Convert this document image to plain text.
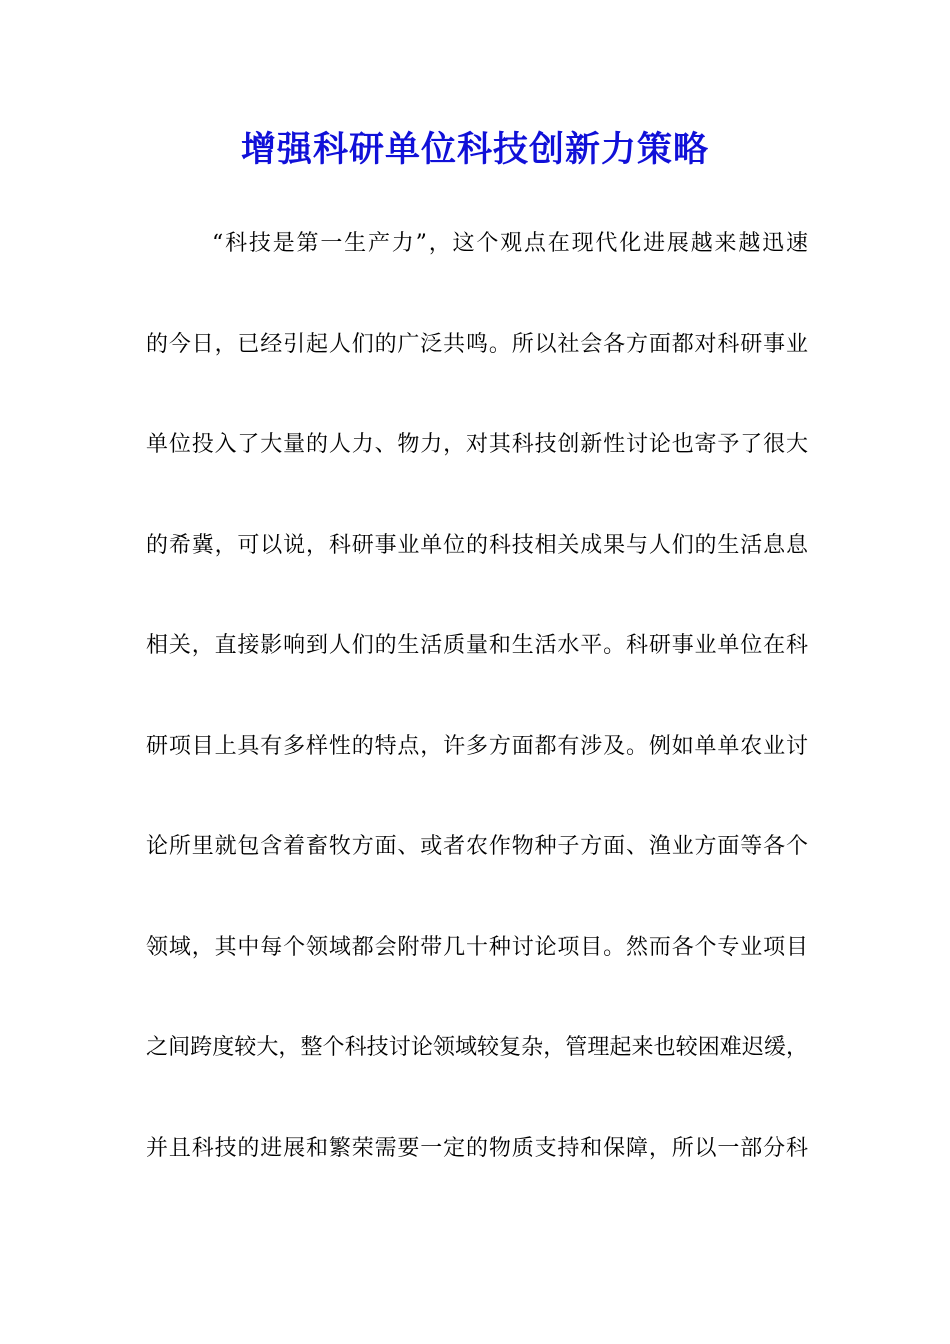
增强科研单位科技创新力策略
“科技是第一生产力”，这个观点在现代化进展越来越迅速
的今日，已经引起人们的广泛共鸣。所以社会各方面都对科研事业
单位投入了大量的人力、物力，对其科技创新性讨论也寄予了很大
的希冀，可以说，科研事业单位的科技相关成果与人们的生活息息
相关，直接影响到人们的生活质量和生活水平。科研事业单位在科
研项目上具有多样性的特点，许多方面都有涉及。例如单单农业讨
论所里就包含着畜牧方面、或者农作物种子方面、渔业方面等各个
领域，其中每个领域都会附带几十种讨论项目。然而各个专业项目
之间跨度较大，整个科技讨论领域较复杂，管理起来也较困难迟缓，
并且科技的进展和繁荣需要一定的物质支持和保障，所以一部分科
